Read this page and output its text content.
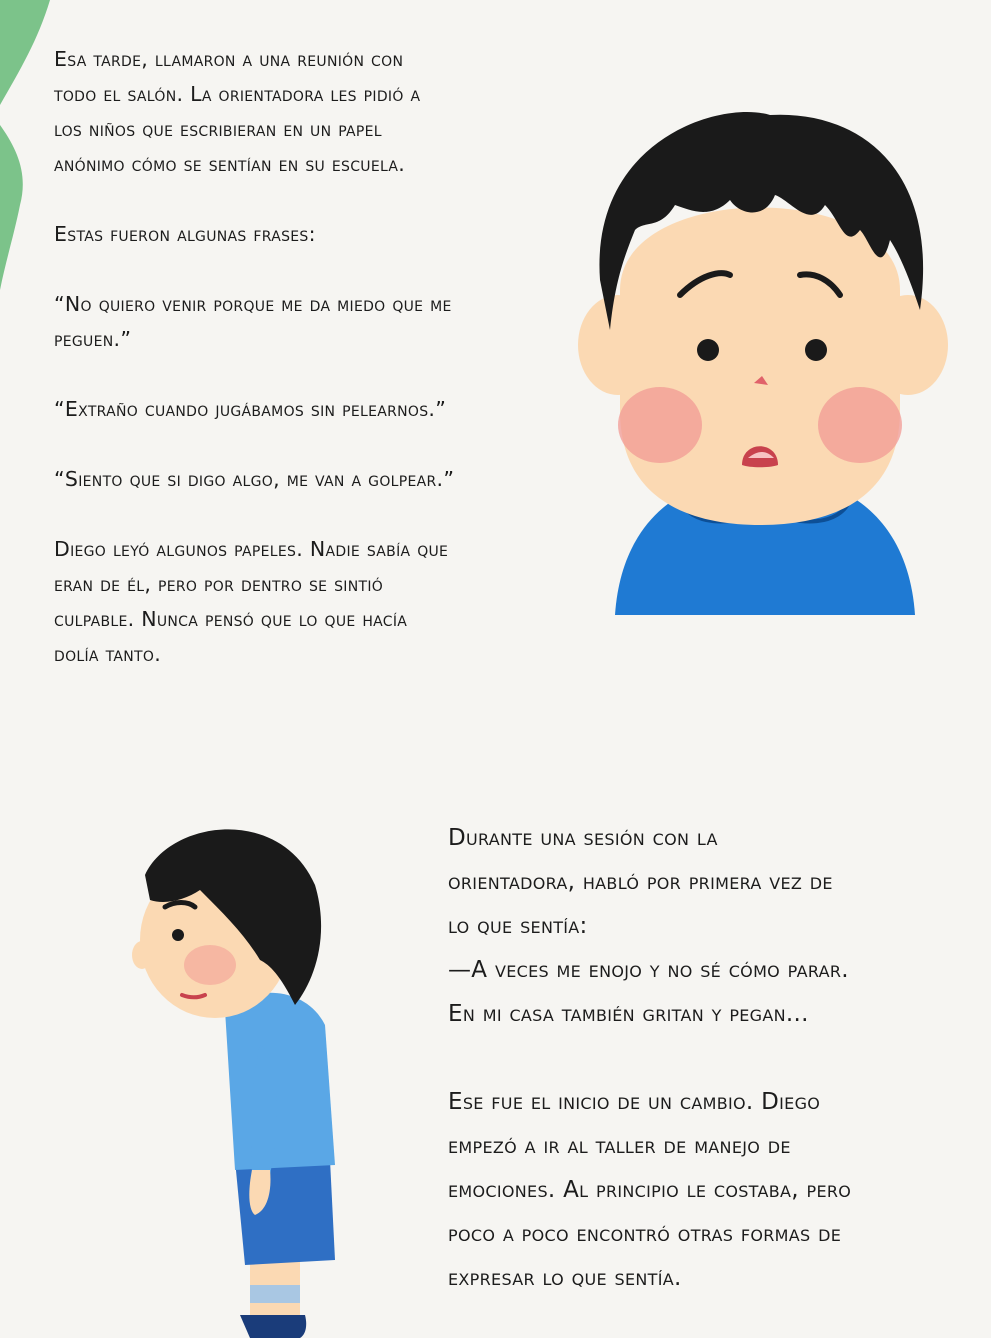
Esa tarde, llamaron a una reunión con

todo el salón. La orientadora les pidió a

los niños que escribieran en un papel

anónimo cómo se sentían en su escuela.

Estas fueron algunas frases:

“No quiero venir porque me da miedo que me

peguen.”

“Extraño cuando jugábamos sin pelearnos.”

“Siento que si digo algo, me van a golpear.”

Diego leyó algunos papeles. Nadie sabía que

eran de él, pero por dentro se sintió

culpable. Nunca pensó que lo que hacía

dolía tanto.

Durante una sesión con la

orientadora, habló por primera vez de

lo que sentía:

—A veces me enojo y no sé cómo parar.

En mi casa también gritan y pegan...

Ese fue el inicio de un cambio. Diego

empezó a ir al taller de manejo de

emociones. Al principio le costaba, pero

poco a poco encontró otras formas de

expresar lo que sentía.
